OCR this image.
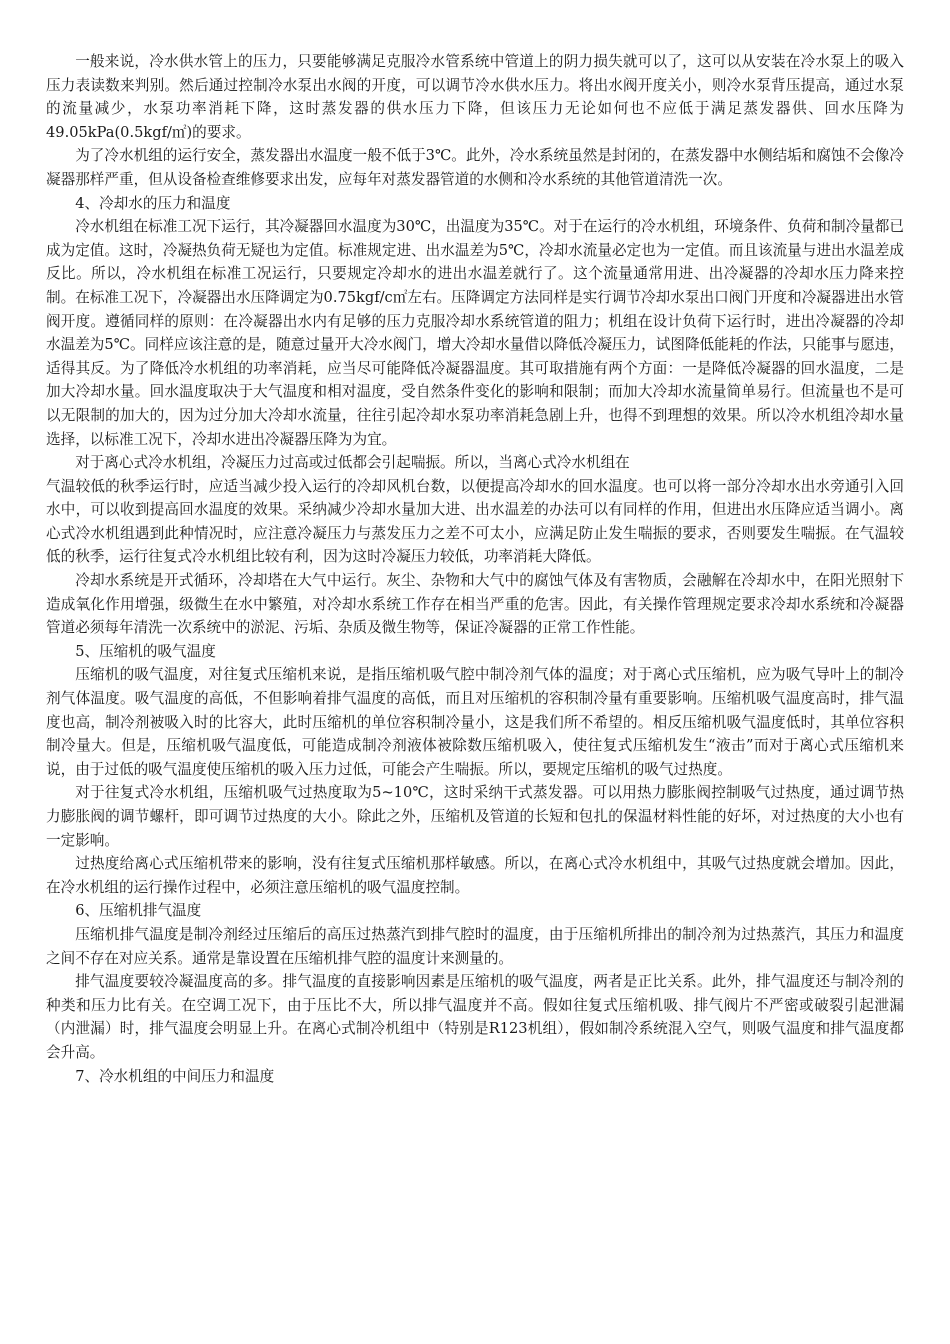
一般来说，冷水供水管上的压力，只要能够满足克服冷水管系统中管道上的阴力损失就可以了，这可以从安装在冷水泵上的吸入压力表读数来判别。然后通过控制冷水泵出水阀的开度，可以调节冷水供水压力。将出水阀开度关小，则冷水泵背压提高，通过水泵的流量减少，水泵功率消耗下降，这时蒸发器的供水压力下降，但该压力无论如何也不应低于满足蒸发器供、回水压降为49.05kPa(0.5kgf/㎡)的要求。

为了冷水机组的运行安全，蒸发器出水温度一般不低于3℃。此外，冷水系统虽然是封闭的，在蒸发器中水侧结垢和腐蚀不会像冷凝器那样严重，但从设备检查维修要求出发，应每年对蒸发器管道的水侧和冷水系统的其他管道清洗一次。

4、冷却水的压力和温度

冷水机组在标准工况下运行，其冷凝器回水温度为30℃，出温度为35℃。对于在运行的冷水机组，环境条件、负荷和制冷量都已成为定值。这时，冷凝热负荷无疑也为定值。标准规定进、出水温差为5℃，冷却水流量必定也为一定值。而且该流量与进出水温差成反比。所以，冷水机组在标准工况运行，只要规定冷却水的进出水温差就行了。这个流量通常用进、出冷凝器的冷却水压力降来控制。在标准工况下，冷凝器出水压降调定为0.75kgf/c㎡左右。压降调定方法同样是实行调节冷却水泵出口阀门开度和冷凝器进出水管阀开度。遵循同样的原则：在冷凝器出水内有足够的压力克服冷却水系统管道的阻力；机组在设计负荷下运行时，进出冷凝器的冷却水温差为5℃。同样应该注意的是，随意过量开大冷水阀门，增大冷却水量借以降低冷凝压力，试图降低能耗的作法，只能事与愿违，适得其反。为了降低冷水机组的功率消耗，应当尽可能降低冷凝器温度。其可取措施有两个方面：一是降低冷凝器的回水温度，二是加大冷却水量。回水温度取决于大气温度和相对温度，受自然条件变化的影响和限制；而加大冷却水流量简单易行。但流量也不是可以无限制的加大的，因为过分加大冷却水流量，往往引起冷却水泵功率消耗急剧上升，也得不到理想的效果。所以冷水机组冷却水量选择，以标准工况下，冷却水进出冷凝器压降为为宜。

对于离心式冷水机组，冷凝压力过高或过低都会引起喘振。所以，当离心式冷水机组在

气温较低的秋季运行时，应适当减少投入运行的冷却风机台数，以便提高冷却水的回水温度。也可以将一部分冷却水出水旁通引入回水中，可以收到提高回水温度的效果。采纳减少冷却水量加大进、出水温差的办法可以有同样的作用，但进出水压降应适当调小。离心式冷水机组遇到此种情况时，应注意冷凝压力与蒸发压力之差不可太小，应满足防止发生喘振的要求，否则要发生喘振。在气温较低的秋季，运行往复式冷水机组比较有利，因为这时冷凝压力较低，功率消耗大降低。

冷却水系统是开式循环，冷却塔在大气中运行。灰尘、杂物和大气中的腐蚀气体及有害物质，会融解在冷却水中，在阳光照射下造成氧化作用增强，级微生在水中繁殖，对冷却水系统工作存在相当严重的危害。因此，有关操作管理规定要求冷却水系统和冷凝器管道必须每年清洗一次系统中的淤泥、污垢、杂质及微生物等，保证冷凝器的正常工作性能。

5、压缩机的吸气温度

压缩机的吸气温度，对往复式压缩机来说，是指压缩机吸气腔中制冷剂气体的温度；对于离心式压缩机，应为吸气导叶上的制冷剂气体温度。吸气温度的高低，不但影响着排气温度的高低，而且对压缩机的容积制冷量有重要影响。压缩机吸气温度高时，排气温度也高，制冷剂被吸入时的比容大，此时压缩机的单位容积制冷量小，这是我们所不希望的。相反压缩机吸气温度低时，其单位容积制冷量大。但是，压缩机吸气温度低，可能造成制冷剂液体被除数压缩机吸入，使往复式压缩机发生“液击”而对于离心式压缩机来说，由于过低的吸气温度使压缩机的吸入压力过低，可能会产生喘振。所以，要规定压缩机的吸气过热度。

对于往复式冷水机组，压缩机吸气过热度取为5~10℃，这时采纳干式蒸发器。可以用热力膨胀阀控制吸气过热度，通过调节热力膨胀阀的调节螺杆，即可调节过热度的大小。除此之外，压缩机及管道的长短和包扎的保温材料性能的好坏，对过热度的大小也有一定影响。

过热度给离心式压缩机带来的影响，没有往复式压缩机那样敏感。所以，在离心式冷水机组中，其吸气过热度就会增加。因此，在冷水机组的运行操作过程中，必须注意压缩机的吸气温度控制。

6、压缩机排气温度

压缩机排气温度是制冷剂经过压缩后的高压过热蒸汽到排气腔时的温度，由于压缩机所排出的制冷剂为过热蒸汽，其压力和温度之间不存在对应关系。通常是靠设置在压缩机排气腔的温度计来测量的。

排气温度要较冷凝温度高的多。排气温度的直接影响因素是压缩机的吸气温度，两者是正比关系。此外，排气温度还与制冷剂的种类和压力比有关。在空调工况下，由于压比不大，所以排气温度并不高。假如往复式压缩机吸、排气阀片不严密或破裂引起泄漏（内泄漏）时，排气温度会明显上升。在离心式制冷机组中（特别是R123机组），假如制冷系统混入空气，则吸气温度和排气温度都会升高。

7、冷水机组的中间压力和温度
